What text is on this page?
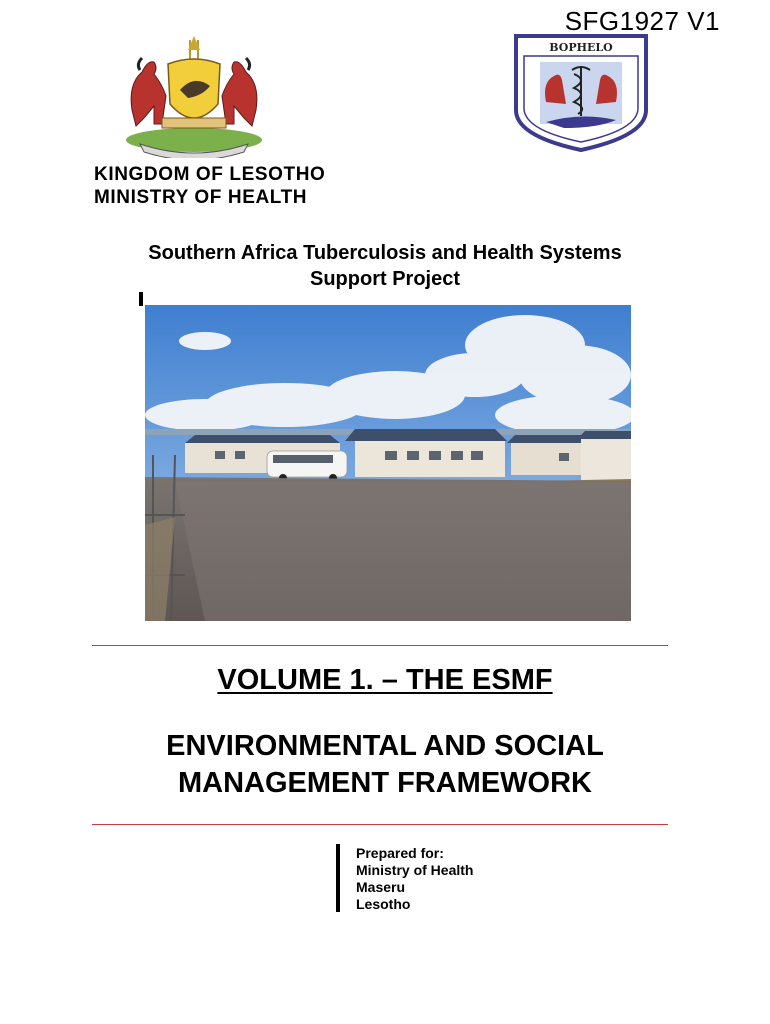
SFG1927 V1
BOPHELO
KINGDOM OF LESOTHO
MINISTRY OF HEALTH
Southern Africa Tuberculosis and Health Systems
Support Project
VOLUME 1. – THE ESMF
ENVIRONMENTAL AND SOCIAL
MANAGEMENT FRAMEWORK
Prepared for:
Ministry of Health
Maseru
Lesotho
